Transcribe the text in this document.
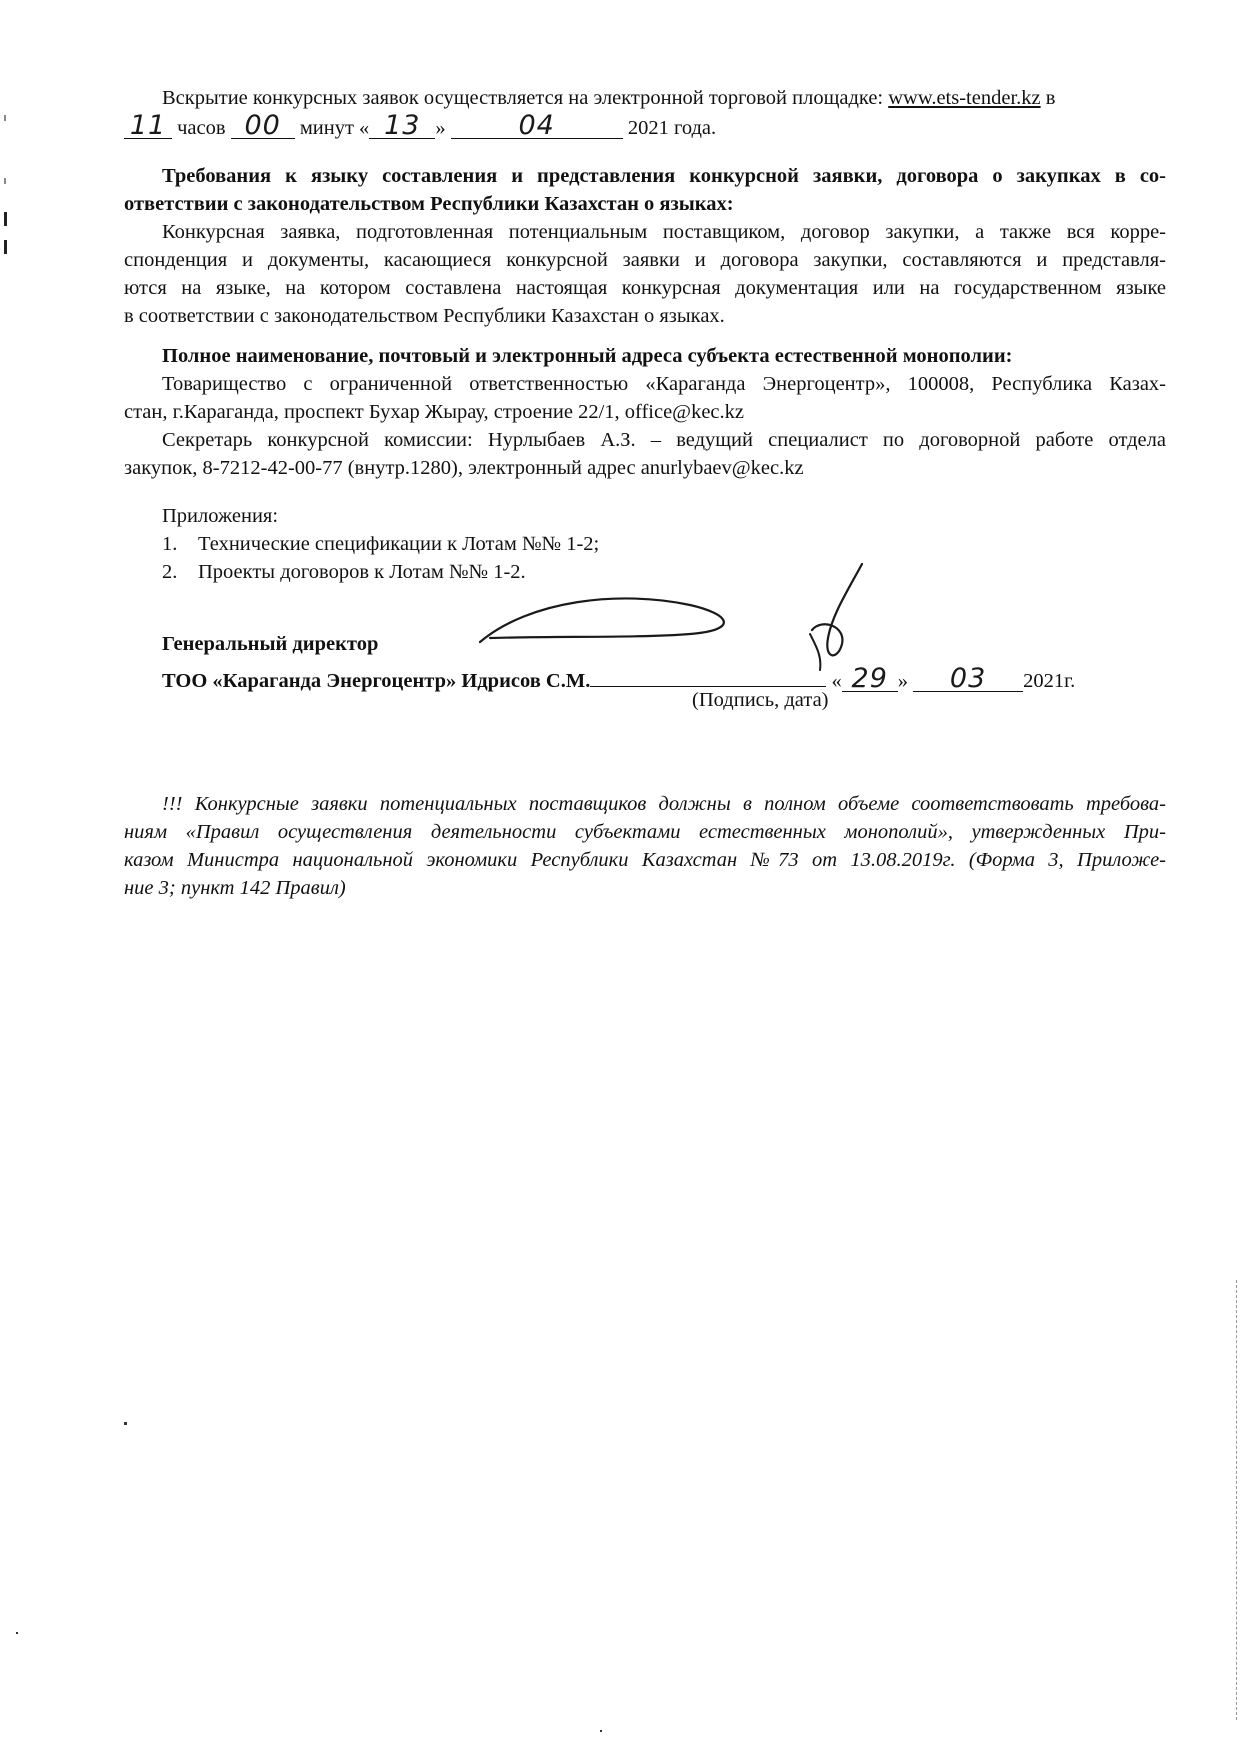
Вскрытие конкурсных заявок осуществляется на электронной торговой площадке: www.ets-tender.kz в
11 часов 00 минут « 13 »	04	2021 года.
Требования к языку составления и представления конкурсной заявки, договора о закупках в со-
ответствии с законодательством Республики Казахстан о языках:
Конкурсная заявка, подготовленная потенциальным поставщиком, договор закупки, а также вся корре-
спонденция и документы, касающиеся конкурсной заявки и договора закупки, составляются и представля-
ются на языке, на котором составлена настоящая конкурсная документация или на государственном языке
в соответствии с законодательством Республики Казахстан о языках.
Полное наименование, почтовый и электронный адреса субъекта естественной монополии:
Товарищество с ограниченной ответственностью «Караганда Энергоцентр», 100008, Республика Казах-
стан, г.Караганда, проспект Бухар Жырау, строение 22/1, office@kec.kz
Секретарь конкурсной комиссии: Нурлыбаев А.З. – ведущий специалист по договорной работе отдела
закупок, 8-7212-42-00-77 (внутр.1280), электронный адрес anurlybaev@kec.kz
Приложения:
1. Технические спецификации к Лотам №№ 1-2;
2. Проекты договоров к Лотам №№ 1-2.
Генеральный директор
ТОО «Караганда Энергоцентр» Идрисов С.М.	« 29 » 03 2021г.
(Подпись, дата)
!!! Конкурсные заявки потенциальных поставщиков должны в полном объеме соответствовать требова-
ниям «Правил осуществления деятельности субъектами естественных монополий», утвержденных При-
казом Министра национальной экономики Республики Казахстан №73 от 13.08.2019г. (Форма 3, Приложе-
ние 3; пункт 142 Правил)
